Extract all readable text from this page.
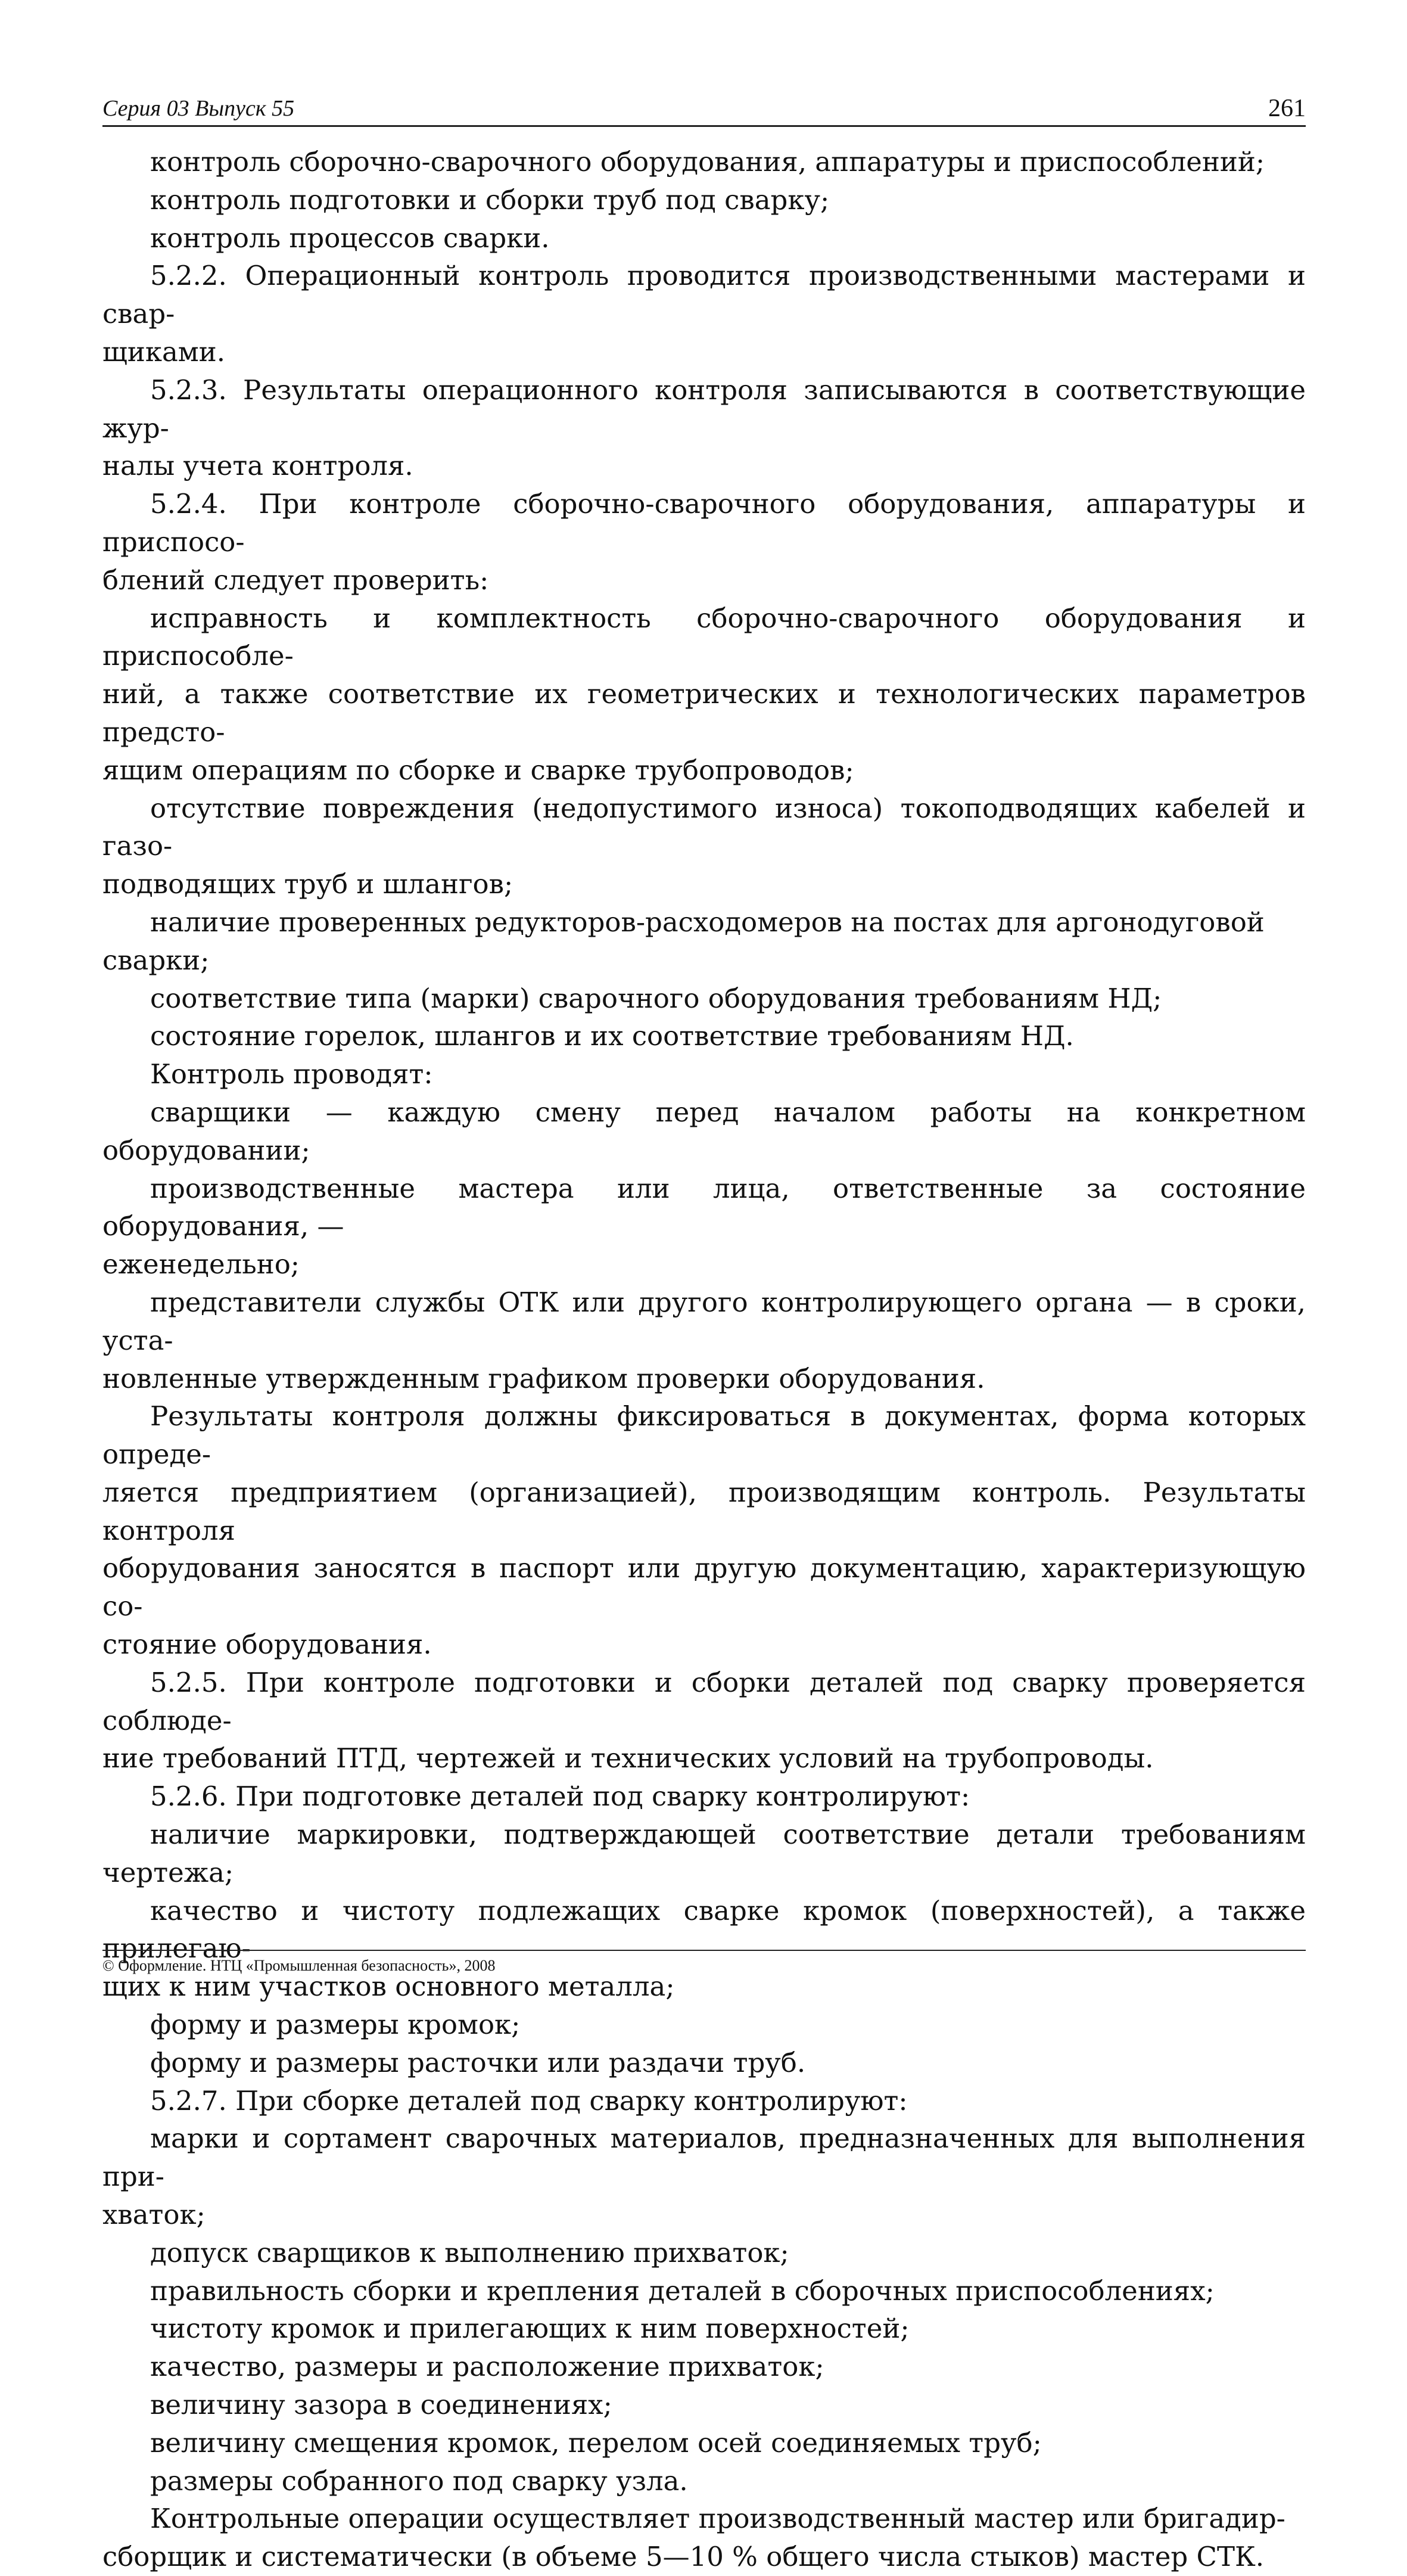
Серия 03 Выпуск 55	261

контроль сборочно-сварочного оборудования, аппаратуры и приспособлений;

контроль подготовки и сборки труб под сварку;

контроль процессов сварки.

5.2.2. Операционный контроль проводится производственными мастерами и свар-
щиками.

5.2.3. Результаты операционного контроля записываются в соответствующие жур-
налы учета контроля.

5.2.4. При контроле сборочно-сварочного оборудования, аппаратуры и приспосо-
блений следует проверить:

исправность и комплектность сборочно-сварочного оборудования и приспособле-
ний, а также соответствие их геометрических и технологических параметров предсто-
ящим операциям по сборке и сварке трубопроводов;

отсутствие повреждения (недопустимого износа) токоподводящих кабелей и газо-
подводящих труб и шлангов;

наличие проверенных редукторов-расходомеров на постах для аргонодуговой
сварки;

соответствие типа (марки) сварочного оборудования требованиям НД;

состояние горелок, шлангов и их соответствие требованиям НД.

Контроль проводят:

сварщики — каждую смену перед началом работы на конкретном оборудовании;

производственные мастера или лица, ответственные за состояние оборудования, —
еженедельно;

представители службы ОТК или другого контролирующего органа — в сроки, уста-
новленные утвержденным графиком проверки оборудования.

Результаты контроля должны фиксироваться в документах, форма которых опреде-
ляется предприятием (организацией), производящим контроль. Результаты контроля
оборудования заносятся в паспорт или другую документацию, характеризующую со-
стояние оборудования.

5.2.5. При контроле подготовки и сборки деталей под сварку проверяется соблюде-
ние требований ПТД, чертежей и технических условий на трубопроводы.

5.2.6. При подготовке деталей под сварку контролируют:

наличие маркировки, подтверждающей соответствие детали требованиям чертежа;

качество и чистоту подлежащих сварке кромок (поверхностей), а также прилегаю-
щих к ним участков основного металла;

форму и размеры кромок;

форму и размеры расточки или раздачи труб.

5.2.7. При сборке деталей под сварку контролируют:

марки и сортамент сварочных материалов, предназначенных для выполнения при-
хваток;

допуск сварщиков к выполнению прихваток;

правильность сборки и крепления деталей в сборочных приспособлениях;

чистоту кромок и прилегающих к ним поверхностей;

качество, размеры и расположение прихваток;

величину зазора в соединениях;

величину смещения кромок, перелом осей соединяемых труб;

размеры собранного под сварку узла.

Контрольные операции осуществляет производственный мастер или бригадир-
сборщик и систематически (в объеме 5—10 % общего числа стыков) мастер СТК.

© Оформление. НТЦ «Промышленная безопасность», 2008
